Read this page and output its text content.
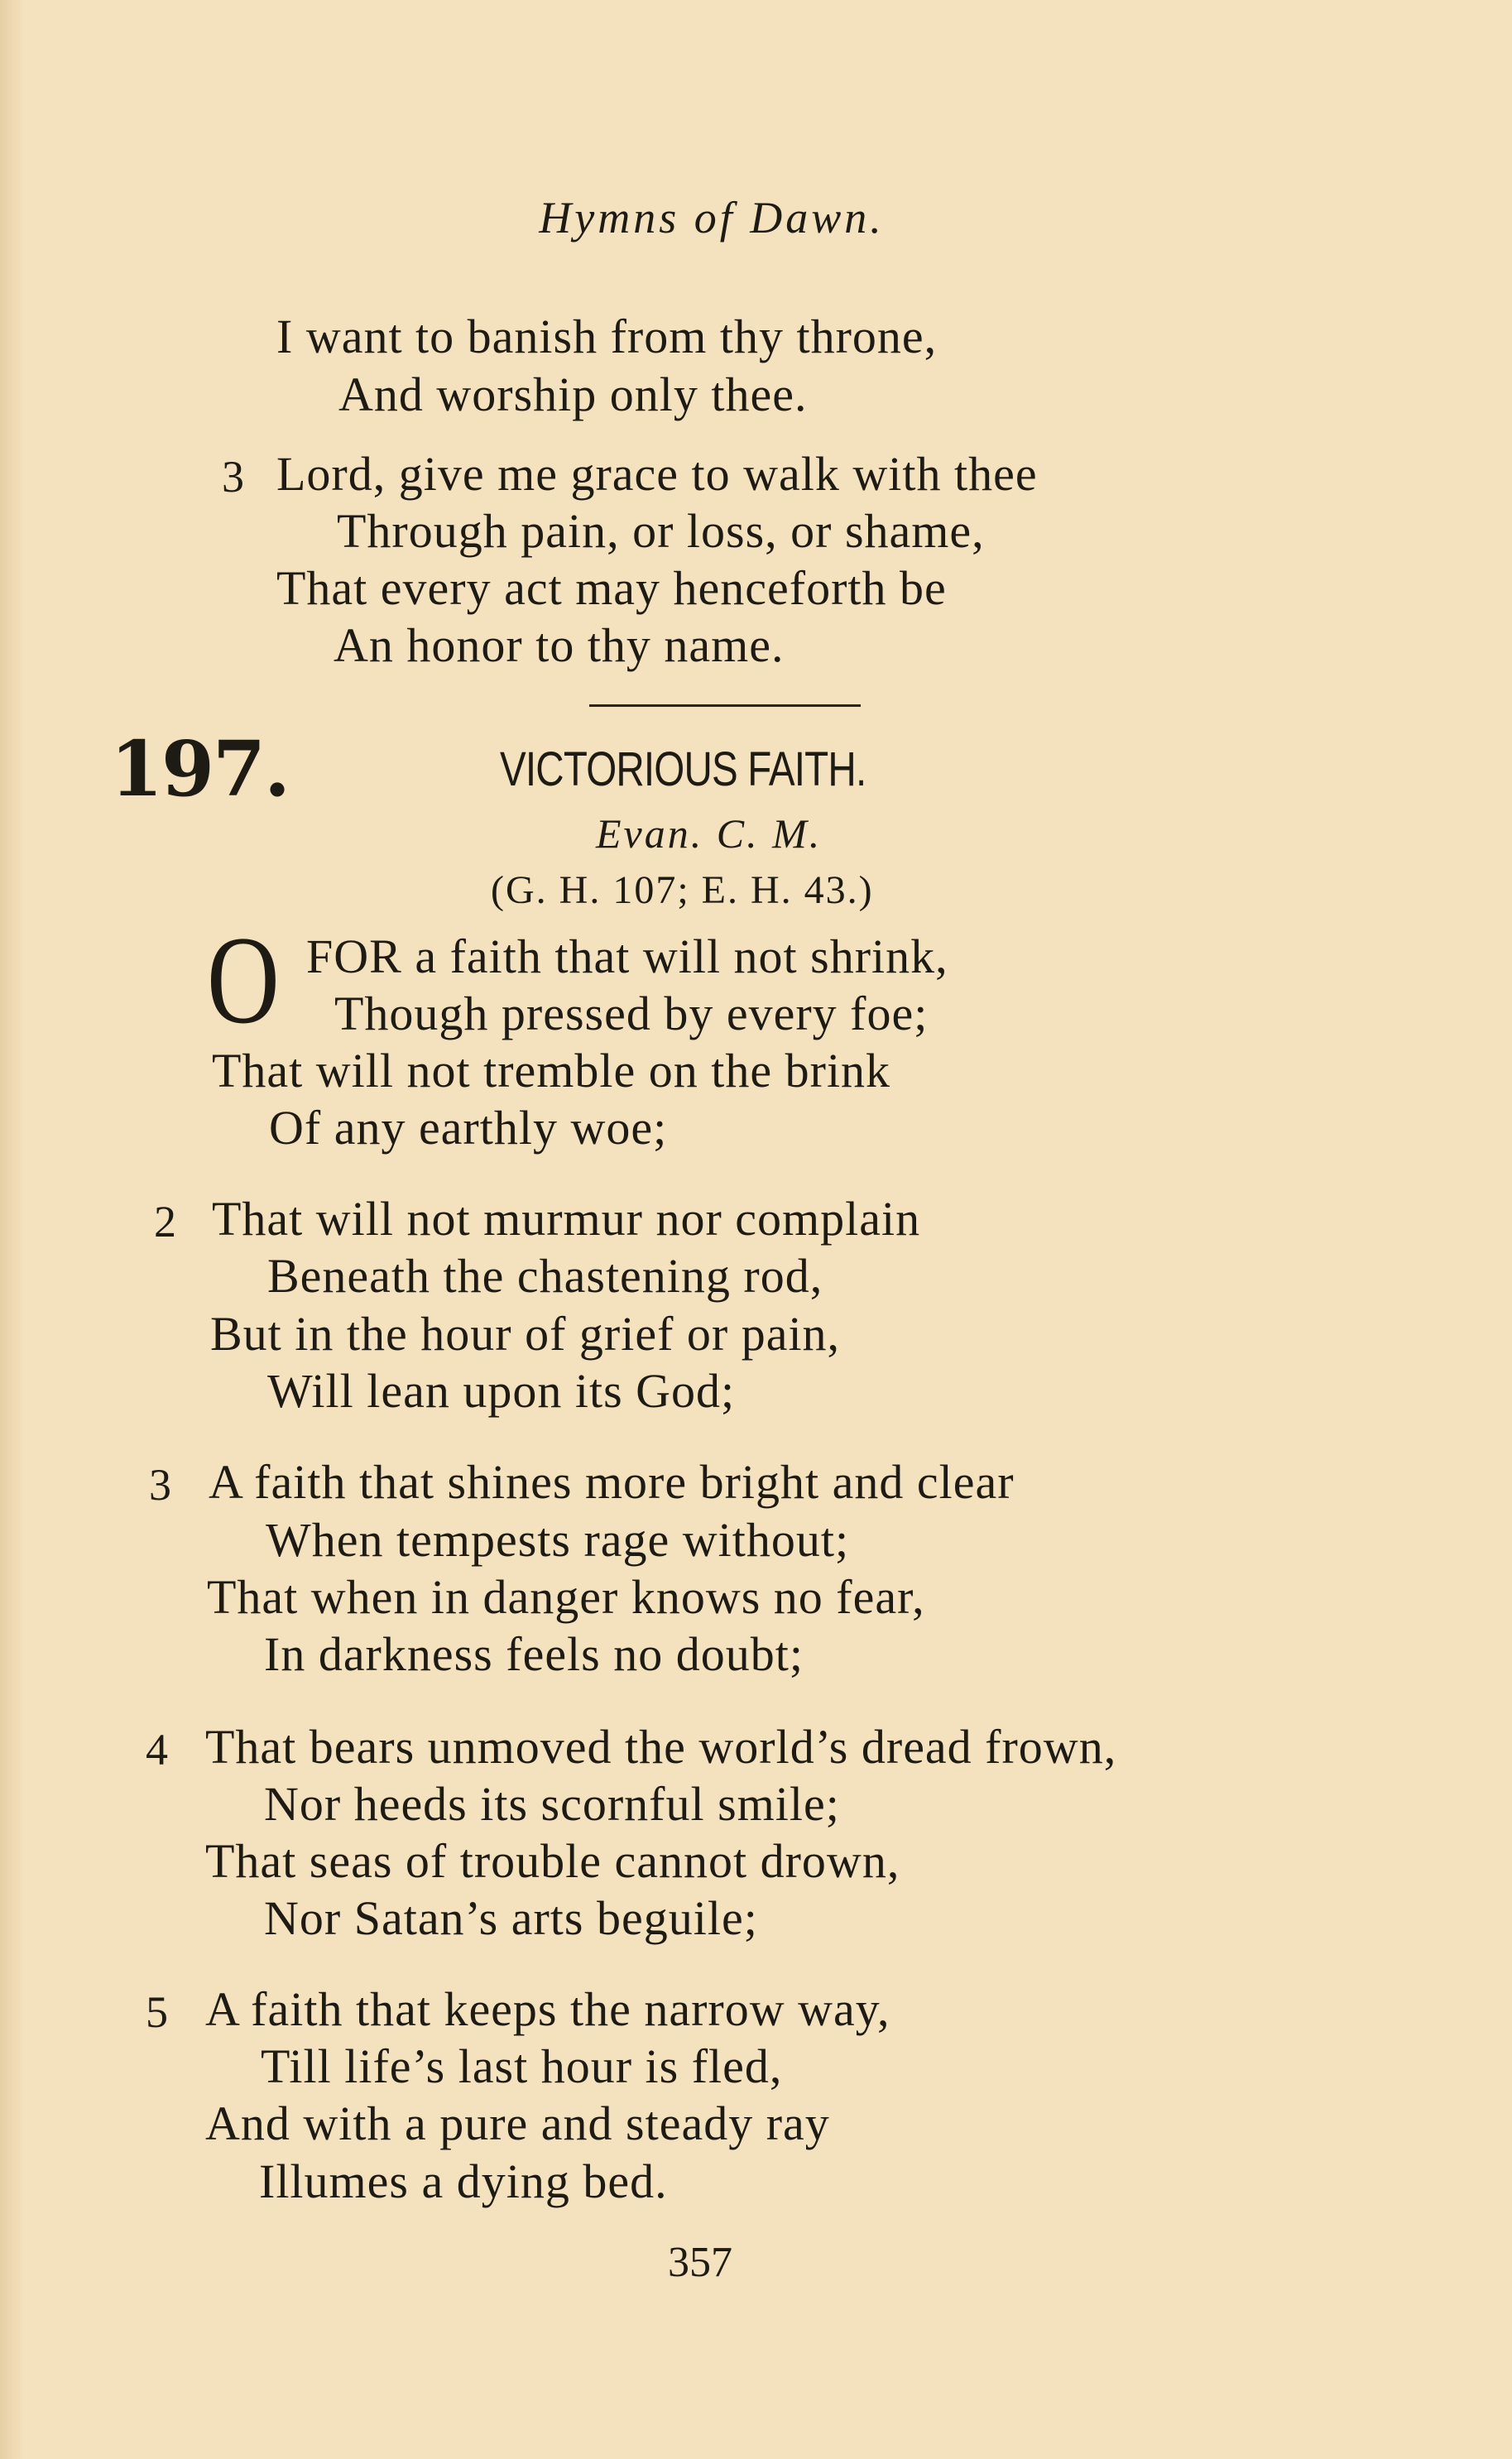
Hymns of Dawn.
I want to banish from thy throne,
And worship only thee.
3 Lord, give me grace to walk with thee
Through pain, or loss, or shame,
That every act may henceforth be
An honor to thy name.
197.	VICTORIOUS FAITH.
Evan. C. M.
(G. H. 107; E. H. 43.)
O FOR a faith that will not shrink,
Though pressed by every foe;
That will not tremble on the brink
Of any earthly woe;
2 That will not murmur nor complain
Beneath the chastening rod,
But in the hour of grief or pain,
Will lean upon its God;
3 A faith that shines more bright and clear
When tempests rage without;
That when in danger knows no fear,
In darkness feels no doubt;
4 That bears unmoved the world’s dread frown,
Nor heeds its scornful smile;
That seas of trouble cannot drown,
Nor Satan’s arts beguile;
5 A faith that keeps the narrow way,
Till life’s last hour is fled,
And with a pure and steady ray
Illumes a dying bed.
357
